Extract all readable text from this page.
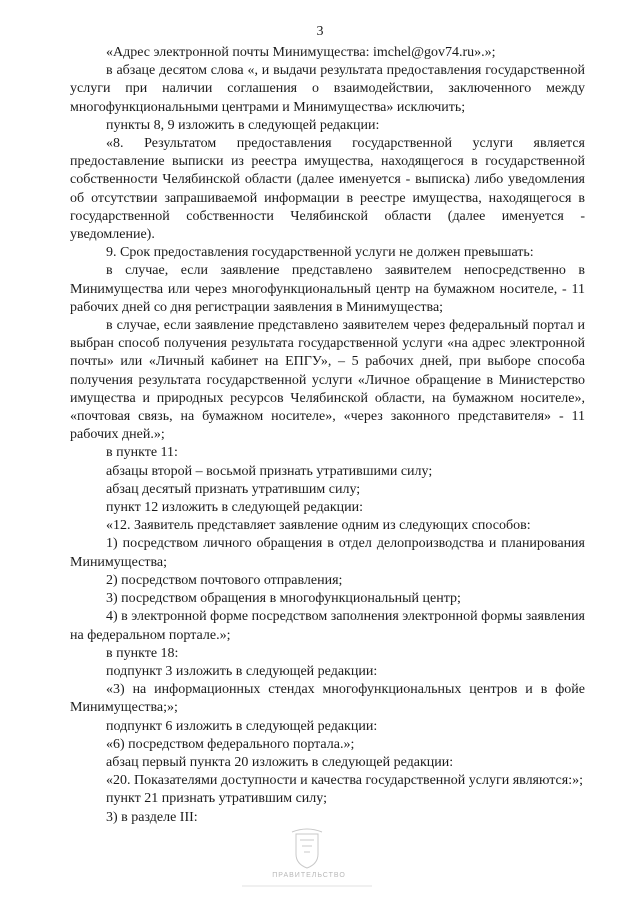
3

«Адрес электронной почты Минимущества: imchel@gov74.ru».»;

в абзаце десятом слова «, и выдачи результата предоставления государственной услуги при наличии соглашения о взаимодействии, заключенного между многофункциональными центрами и Минимущества» исключить;

пункты 8, 9 изложить в следующей редакции:

«8. Результатом предоставления государственной услуги является предоставление выписки из реестра имущества, находящегося в государственной собственности Челябинской области (далее именуется - выписка) либо уведомления об отсутствии запрашиваемой информации в реестре имущества, находящегося в государственной собственности Челябинской области (далее именуется - уведомление).

9. Срок предоставления государственной услуги не должен превышать:

в случае, если заявление представлено заявителем непосредственно в Минимущества или через многофункциональный центр на бумажном носителе, - 11 рабочих дней со дня регистрации заявления в Минимущества;

в случае, если заявление представлено заявителем через федеральный портал и выбран способ получения результата государственной услуги «на адрес электронной почты» или «Личный кабинет на ЕПГУ», – 5 рабочих дней, при выборе способа получения результата государственной услуги «Личное обращение в Министерство имущества и природных ресурсов Челябинской области, на бумажном носителе», «почтовая связь, на бумажном носителе», «через законного представителя» - 11 рабочих дней.»;

в пункте 11:

абзацы второй – восьмой признать утратившими силу;

абзац десятый признать утратившим силу;

пункт 12 изложить в следующей редакции:

«12. Заявитель представляет заявление одним из следующих способов:

1) посредством личного обращения в отдел делопроизводства и планирования Минимущества;

2) посредством почтового отправления;

3) посредством обращения в многофункциональный центр;

4) в электронной форме посредством заполнения электронной формы заявления на федеральном портале.»;

в пункте 18:

подпункт 3 изложить в следующей редакции:

«3) на информационных стендах многофункциональных центров и в фойе Минимущества;»;

подпункт 6 изложить в следующей редакции:

«6) посредством федерального портала.»;

абзац первый пункта 20 изложить в следующей редакции:

«20. Показателями доступности и качества государственной услуги являются:»;

пункт 21 признать утратившим силу;

3) в разделе III:

ПРАВИТЕЛЬСТВО
